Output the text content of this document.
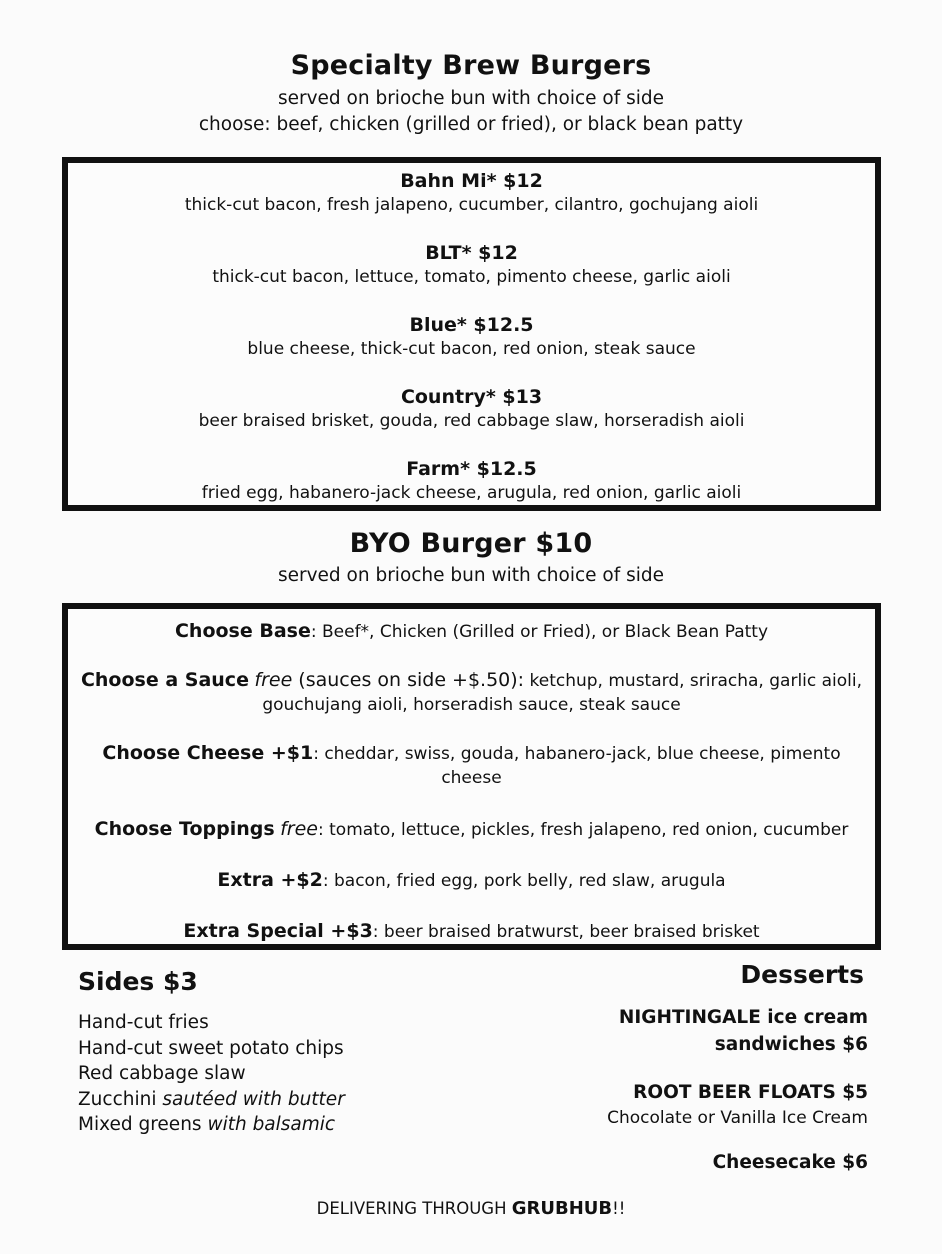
Specialty Brew Burgers
served on brioche bun with choice of side
choose: beef, chicken (grilled or fried), or black bean patty
Bahn Mi* $12
thick-cut bacon, fresh jalapeno, cucumber, cilantro, gochujang aioli
BLT* $12
thick-cut bacon, lettuce, tomato, pimento cheese, garlic aioli
Blue* $12.5
blue cheese, thick-cut bacon, red onion, steak sauce
Country* $13
beer braised brisket, gouda, red cabbage slaw, horseradish aioli
Farm* $12.5
fried egg, habanero-jack cheese, arugula, red onion, garlic aioli
BYO Burger $10
served on brioche bun with choice of side
Choose Base: Beef*, Chicken (Grilled or Fried), or Black Bean Patty
Choose a Sauce free (sauces on side +$.50): ketchup, mustard, sriracha, garlic aioli,
gouchujang aioli, horseradish sauce, steak sauce
Choose Cheese +$1: cheddar, swiss, gouda, habanero-jack, blue cheese, pimento
cheese
Choose Toppings free: tomato, lettuce, pickles, fresh jalapeno, red onion, cucumber
Extra +$2: bacon, fried egg, pork belly, red slaw, arugula
Extra Special +$3: beer braised bratwurst, beer braised brisket
Sides $3
Hand-cut fries
Hand-cut sweet potato chips
Red cabbage slaw
Zucchini sautéed with butter
Mixed greens with balsamic
Desserts
NIGHTINGALE ice cream
sandwiches $6
ROOT BEER FLOATS $5
Chocolate or Vanilla Ice Cream
Cheesecake $6
DELIVERING THROUGH GRUBHUB!!
